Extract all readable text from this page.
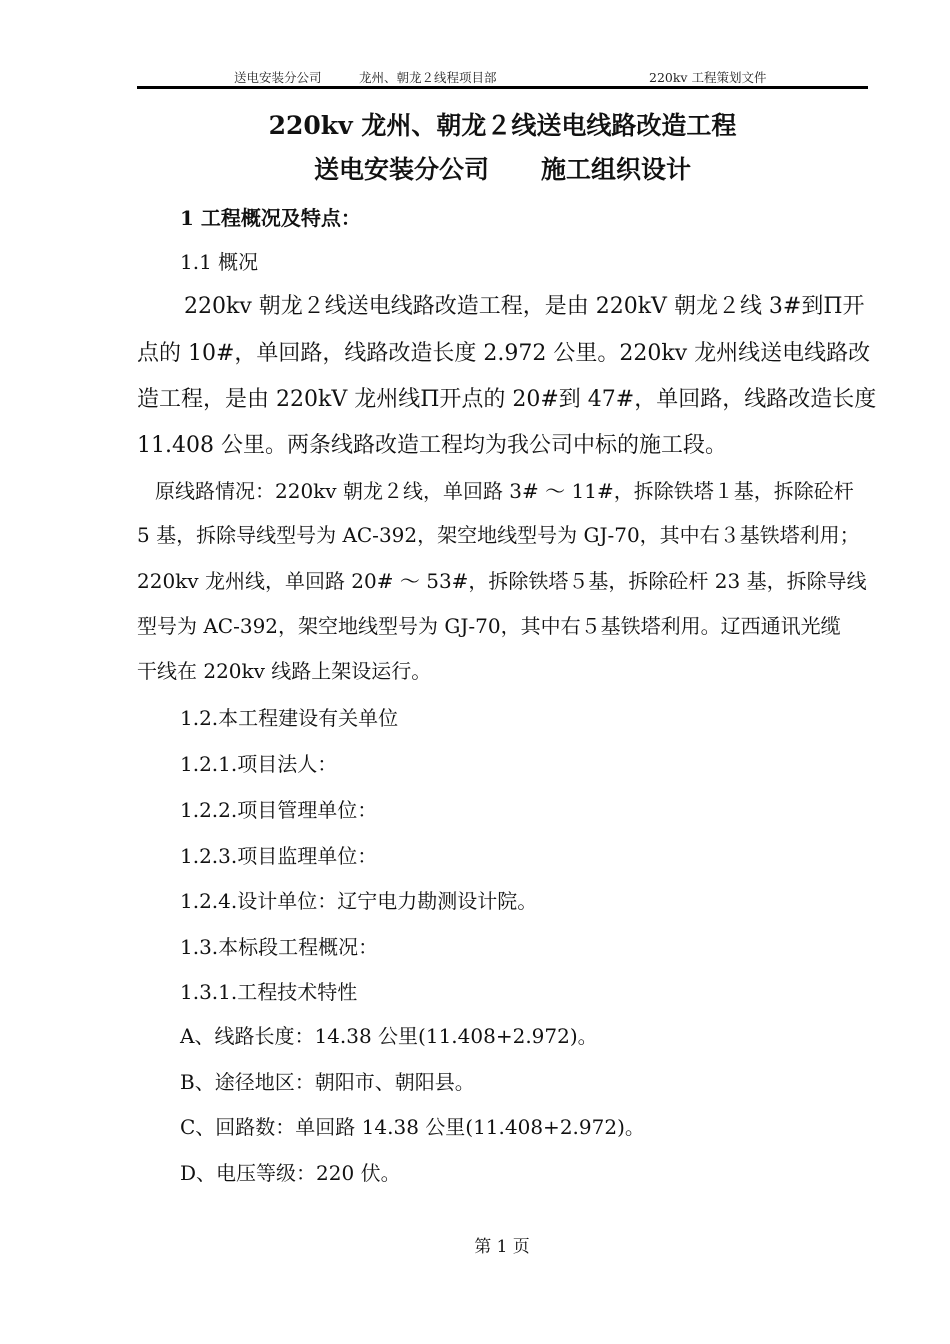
送电安装分公司	龙州、朝龙２线程项目部	220kv 工程策划文件
220kv 龙州、朝龙２线送电线路改造工程
送电安装分公司 施工组织设计
1 工程概况及特点：
1.1 概况
220kv 朝龙２线送电线路改造工程，是由 220kV 朝龙２线 3#到Π开
点的 10#，单回路，线路改造长度 2.972 公里。220kv 龙州线送电线路改
造工程，是由 220kV 龙州线Π开点的 20#到 47#，单回路，线路改造长度
11.408 公里。两条线路改造工程均为我公司中标的施工段。
原线路情况：220kv 朝龙２线，单回路 3# ～ 11#，拆除铁塔１基，拆除砼杆
5 基，拆除导线型号为 AC-392，架空地线型号为 GJ-70，其中右３基铁塔利用；
220kv 龙州线，单回路 20# ～ 53#，拆除铁塔５基，拆除砼杆 23 基，拆除导线
型号为 AC-392，架空地线型号为 GJ-70，其中右５基铁塔利用。辽西通讯光缆
干线在 220kv 线路上架设运行。
1.2.本工程建设有关单位
1.2.1.项目法人：
1.2.2.项目管理单位：
1.2.3.项目监理单位：
1.2.4.设计单位：辽宁电力勘测设计院。
1.3.本标段工程概况：
1.3.1.工程技术特性
A、线路长度：14.38 公里(11.408+2.972)。
B、途径地区：朝阳市、朝阳县。
C、回路数：单回路 14.38 公里(11.408+2.972)。
D、电压等级：220 伏。
第 1 页
